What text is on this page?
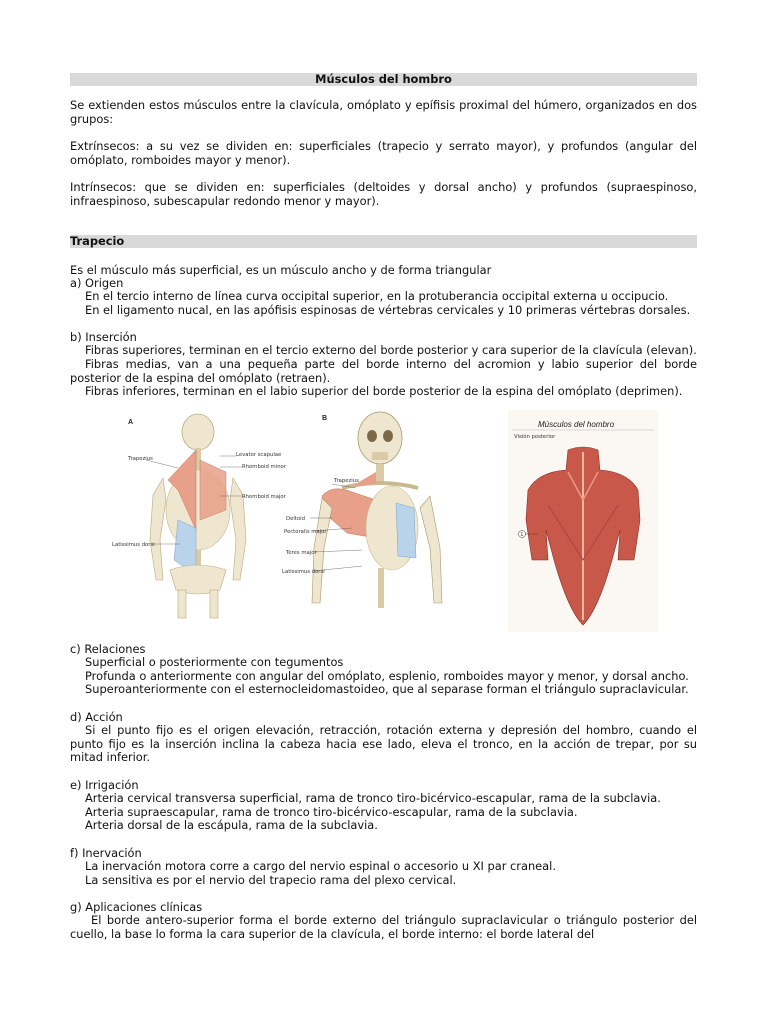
Músculos del hombro
Se extienden estos músculos entre la clavícula, omóplato y epífisis proximal del húmero, organizados en dos grupos:
Extrínsecos: a su vez se dividen en: superficiales (trapecio y serrato mayor), y profundos (angular del omóplato, romboides mayor y menor).
Intrínsecos: que se dividen en: superficiales (deltoides y dorsal ancho) y profundos (supraespinoso, infraespinoso, subescapular redondo menor y mayor).
Trapecio
Es el músculo más superficial, es un músculo ancho y de forma triangular
a) Origen
En el tercio interno de línea curva occipital superior, en la protuberancia occipital externa u occipucio.
En el ligamento nucal, en las apófisis espinosas de vértebras cervicales y 10 primeras vértebras dorsales.
b) Inserción
Fibras superiores, terminan en el tercio externo del borde posterior y cara superior de la clavícula (elevan).
Fibras medias, van a una pequeña parte del borde interno del acromion y labio superior del borde posterior de la espina del omóplato (retraen).
Fibras inferiores, terminan en el labio superior del borde posterior de la espina del omóplato (deprimen).
A
Trapezius
Levator scapulae
Rhomboid minor
Rhomboid major
Latissimus dorsi
B
Trapezius
Deltoid
Pectoralis major
Teres major
Latissimus dorsi
Músculos del hombro
Visión posterior
1
c) Relaciones
Superficial o posteriormente con tegumentos
Profunda o anteriormente con angular del omóplato, esplenio, romboides mayor y menor, y dorsal ancho.
Superoanteriormente con el esternocleidomastoideo, que al separase forman el triángulo supraclavicular.
d) Acción
Si el punto fijo es el origen elevación, retracción, rotación externa y depresión del hombro, cuando el punto fijo es la inserción inclina la cabeza hacia ese lado, eleva el tronco, en la acción de trepar, por su mitad inferior.
e) Irrigación
Arteria cervical transversa superficial, rama de tronco tiro-bicérvico-escapular, rama de la subclavia.
Arteria supraescapular, rama de tronco tiro-bicérvico-escapular, rama de la subclavia.
Arteria dorsal de la escápula, rama de la subclavia.
f) Inervación
La inervación motora corre a cargo del nervio espinal o accesorio u XI par craneal.
La sensitiva es por el nervio del trapecio rama del plexo cervical.
g) Aplicaciones clínicas
El borde antero-superior forma el borde externo del triángulo supraclavicular o triángulo posterior del cuello, la base lo forma la cara superior de la clavícula, el borde interno: el borde lateral del
